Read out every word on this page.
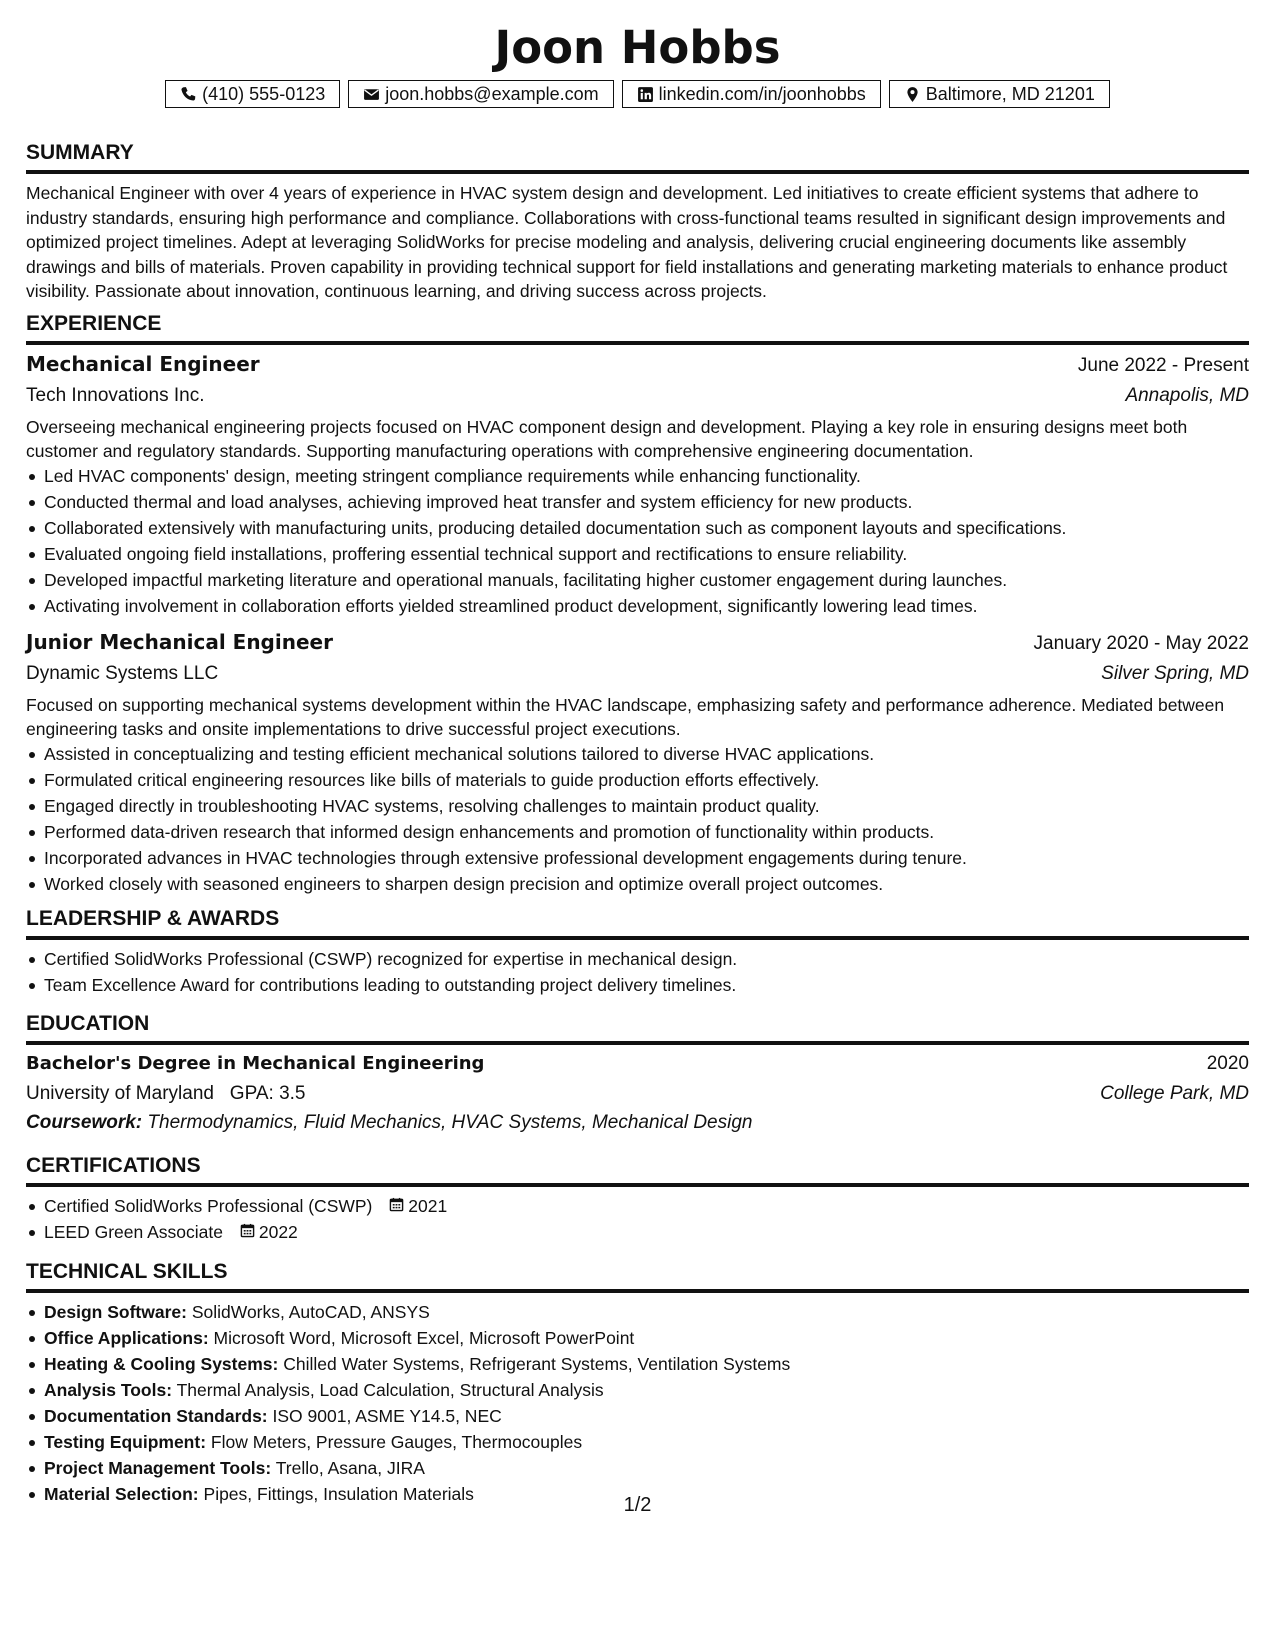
Joon Hobbs
(410) 555-0123	joon.hobbs@example.com	linkedin.com/in/joonhobbs	Baltimore, MD 21201
SUMMARY

Mechanical Engineer with over 4 years of experience in HVAC system design and development. Led initiatives to create efficient systems that adhere to industry standards, ensuring high performance and compliance. Collaborations with cross-functional teams resulted in significant design improvements and optimized project timelines. Adept at leveraging SolidWorks for precise modeling and analysis, delivering crucial engineering documents like assembly drawings and bills of materials. Proven capability in providing technical support for field installations and generating marketing materials to enhance product visibility. Passionate about innovation, continuous learning, and driving success across projects.

EXPERIENCE
Mechanical Engineer	June 2022 - Present
Tech Innovations Inc.	Annapolis, MD

Overseeing mechanical engineering projects focused on HVAC component design and development. Playing a key role in ensuring designs meet both customer and regulatory standards. Supporting manufacturing operations with comprehensive engineering documentation.

Led HVAC components' design, meeting stringent compliance requirements while enhancing functionality.
Conducted thermal and load analyses, achieving improved heat transfer and system efficiency for new products.
Collaborated extensively with manufacturing units, producing detailed documentation such as component layouts and specifications.
Evaluated ongoing field installations, proffering essential technical support and rectifications to ensure reliability.
Developed impactful marketing literature and operational manuals, facilitating higher customer engagement during launches.
Activating involvement in collaboration efforts yielded streamlined product development, significantly lowering lead times.
Junior Mechanical Engineer	January 2020 - May 2022
Dynamic Systems LLC	Silver Spring, MD

Focused on supporting mechanical systems development within the HVAC landscape, emphasizing safety and performance adherence. Mediated between engineering tasks and onsite implementations to drive successful project executions.

Assisted in conceptualizing and testing efficient mechanical solutions tailored to diverse HVAC applications.
Formulated critical engineering resources like bills of materials to guide production efforts effectively.
Engaged directly in troubleshooting HVAC systems, resolving challenges to maintain product quality.
Performed data-driven research that informed design enhancements and promotion of functionality within products.
Incorporated advances in HVAC technologies through extensive professional development engagements during tenure.
Worked closely with seasoned engineers to sharpen design precision and optimize overall project outcomes.
LEADERSHIP & AWARDS
Certified SolidWorks Professional (CSWP) recognized for expertise in mechanical design.
Team Excellence Award for contributions leading to outstanding project delivery timelines.
EDUCATION
Bachelor's Degree in Mechanical Engineering	2020
University of Maryland GPA: 3.5	College Park, MD
Coursework: Thermodynamics, Fluid Mechanics, HVAC Systems, Mechanical Design
CERTIFICATIONS
Certified SolidWorks Professional (CSWP) 2021
LEED Green Associate 2022
TECHNICAL SKILLS
Design Software: SolidWorks, AutoCAD, ANSYS
Office Applications: Microsoft Word, Microsoft Excel, Microsoft PowerPoint
Heating & Cooling Systems: Chilled Water Systems, Refrigerant Systems, Ventilation Systems
Analysis Tools: Thermal Analysis, Load Calculation, Structural Analysis
Documentation Standards: ISO 9001, ASME Y14.5, NEC
Testing Equipment: Flow Meters, Pressure Gauges, Thermocouples
Project Management Tools: Trello, Asana, JIRA
Material Selection: Pipes, Fittings, Insulation Materials	1/2
